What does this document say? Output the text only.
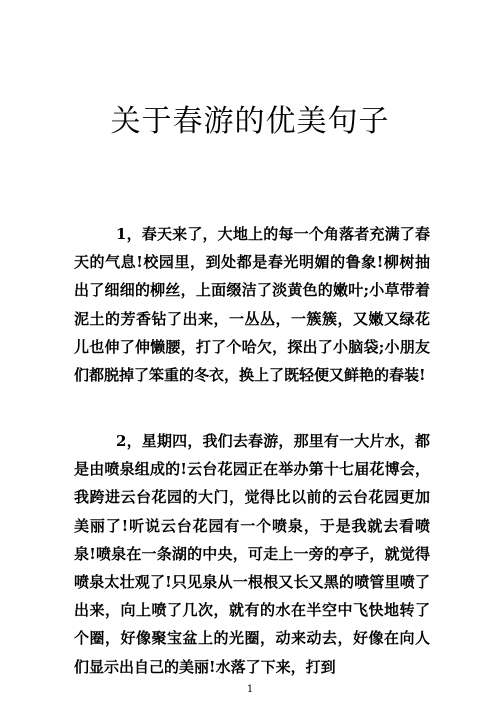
关于春游的优美句子

1，春天来了，大地上的每一个角落者充满了春天的气息!校园里，到处都是春光明媚的鲁象!柳树抽出了细细的柳丝，上面缀洁了淡黄色的嫩叶;小草带着泥土的芳香钻了出来，一丛丛，一簇簇，又嫩又绿花儿也伸了伸懒腰，打了个哈欠，探出了小脑袋;小朋友们都脱掉了笨重的冬衣，换上了既轻便又鲜艳的春装!

2，星期四，我们去春游，那里有一大片水，都是由喷泉组成的!云台花园正在举办第十七届花博会，我跨进云台花园的大门，觉得比以前的云台花园更加美丽了!听说云台花园有一个喷泉，于是我就去看喷泉!喷泉在一条湖的中央，可走上一旁的亭子，就觉得喷泉太壮观了!只见泉从一根根又长又黑的喷管里喷了出来，向上喷了几次，就有的水在半空中飞快地转了个圈，好像聚宝盆上的光圈，动来动去，好像在向人们显示出自己的美丽!水落了下来，打到

1
